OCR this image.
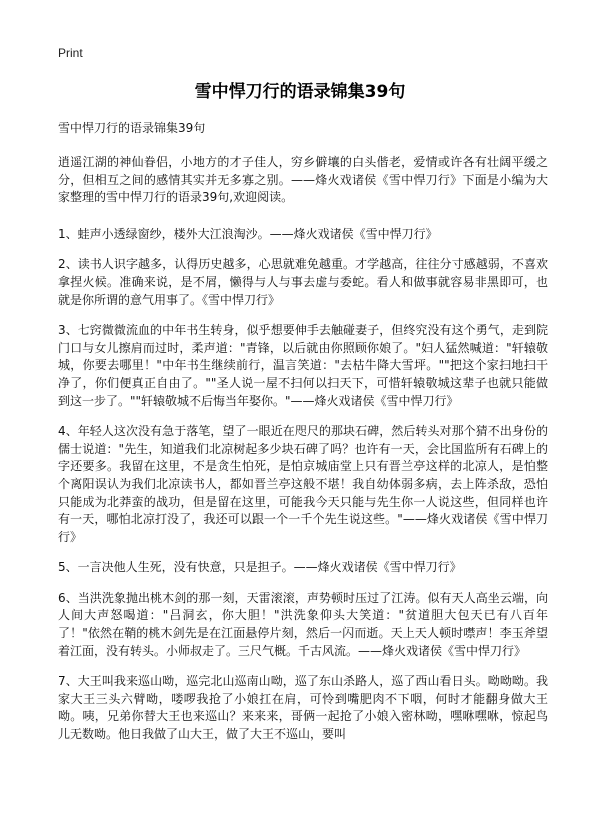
Print
雪中悍刀行的语录锦集39句

雪中悍刀行的语录锦集39句

逍遥江湖的神仙眷侣，小地方的才子佳人，穷乡僻壤的白头偕老，爱情或许各有壮阔平缓之分，但相互之间的感情其实并无多寡之别。——烽火戏诸侯《雪中悍刀行》下面是小编为大家整理的雪中悍刀行的语录39句,欢迎阅读。

1、蛙声小透绿窗纱，楼外大江浪淘沙。——烽火戏诸侯《雪中悍刀行》

2、读书人识字越多，认得历史越多，心思就难免越重。才学越高，往往分寸感越弱，不喜欢拿捏火候。准确来说，是不屑，懒得与人与事去虚与委蛇。看人和做事就容易非黑即可，也就是你所谓的意气用事了。《雪中悍刀行》

3、七窍微微流血的中年书生转身，似乎想要伸手去触碰妻子，但终究没有这个勇气，走到院门口与女儿擦肩而过时，柔声道："青锋，以后就由你照顾你娘了。"妇人猛然喊道："轩辕敬城，你要去哪里！"中年书生继续前行，温言笑道："去枯牛降大雪坪。""把这个家扫地扫干净了，你们便真正自由了。""圣人说一屋不扫何以扫天下，可惜轩辕敬城这辈子也就只能做到这一步了。""轩辕敬城不后悔当年娶你。"——烽火戏诸侯《雪中悍刀行》

4、年轻人这次没有急于落笔，望了一眼近在咫尺的那块石碑，然后转头对那个猜不出身份的儒士说道："先生，知道我们北凉树起多少块石碑了吗？也许有一天，会比国监所有石碑上的字还要多。我留在这里，不是贪生怕死，是怕京城庙堂上只有晋兰亭这样的北凉人，是怕整个离阳误认为我们北凉读书人，都如晋兰亭这般不堪！我自幼体弱多病，去上阵杀敌，恐怕只能成为北莽蛮的战功，但是留在这里，可能我今天只能与先生你一人说这些，但同样也许有一天，哪怕北凉打没了，我还可以跟一个一千个先生说这些。"——烽火戏诸侯《雪中悍刀行》

5、一言决他人生死，没有快意，只是担子。——烽火戏诸侯《雪中悍刀行》

6、当洪洗象抛出桃木剑的那一刻，天雷滚滚，声势顿时压过了江涛。似有天人高坐云端，向人间大声怒喝道："吕洞玄，你大胆！"洪洗象仰头大笑道："贫道胆大包天已有八百年了！"依然在鞘的桃木剑先是在江面悬停片刻，然后一闪而逝。天上天人顿时噤声！李玉斧望着江面，没有转头。小师叔走了。三尺气概。千古风流。——烽火戏诸侯《雪中悍刀行》

7、大王叫我来巡山呦，巡完北山巡南山呦，巡了东山杀路人，巡了西山看日头。呦呦呦。我家大王三头六臂呦，喽啰我抢了小娘扛在肩，可怜到嘴肥肉不下咽，何时才能翻身做大王呦。咦，兄弟你替大王也来巡山？来来来，哥俩一起抢了小娘入密林呦，嘿咻嘿咻，惊起鸟儿无数呦。他日我做了山大王，做了大王不巡山，要叫
